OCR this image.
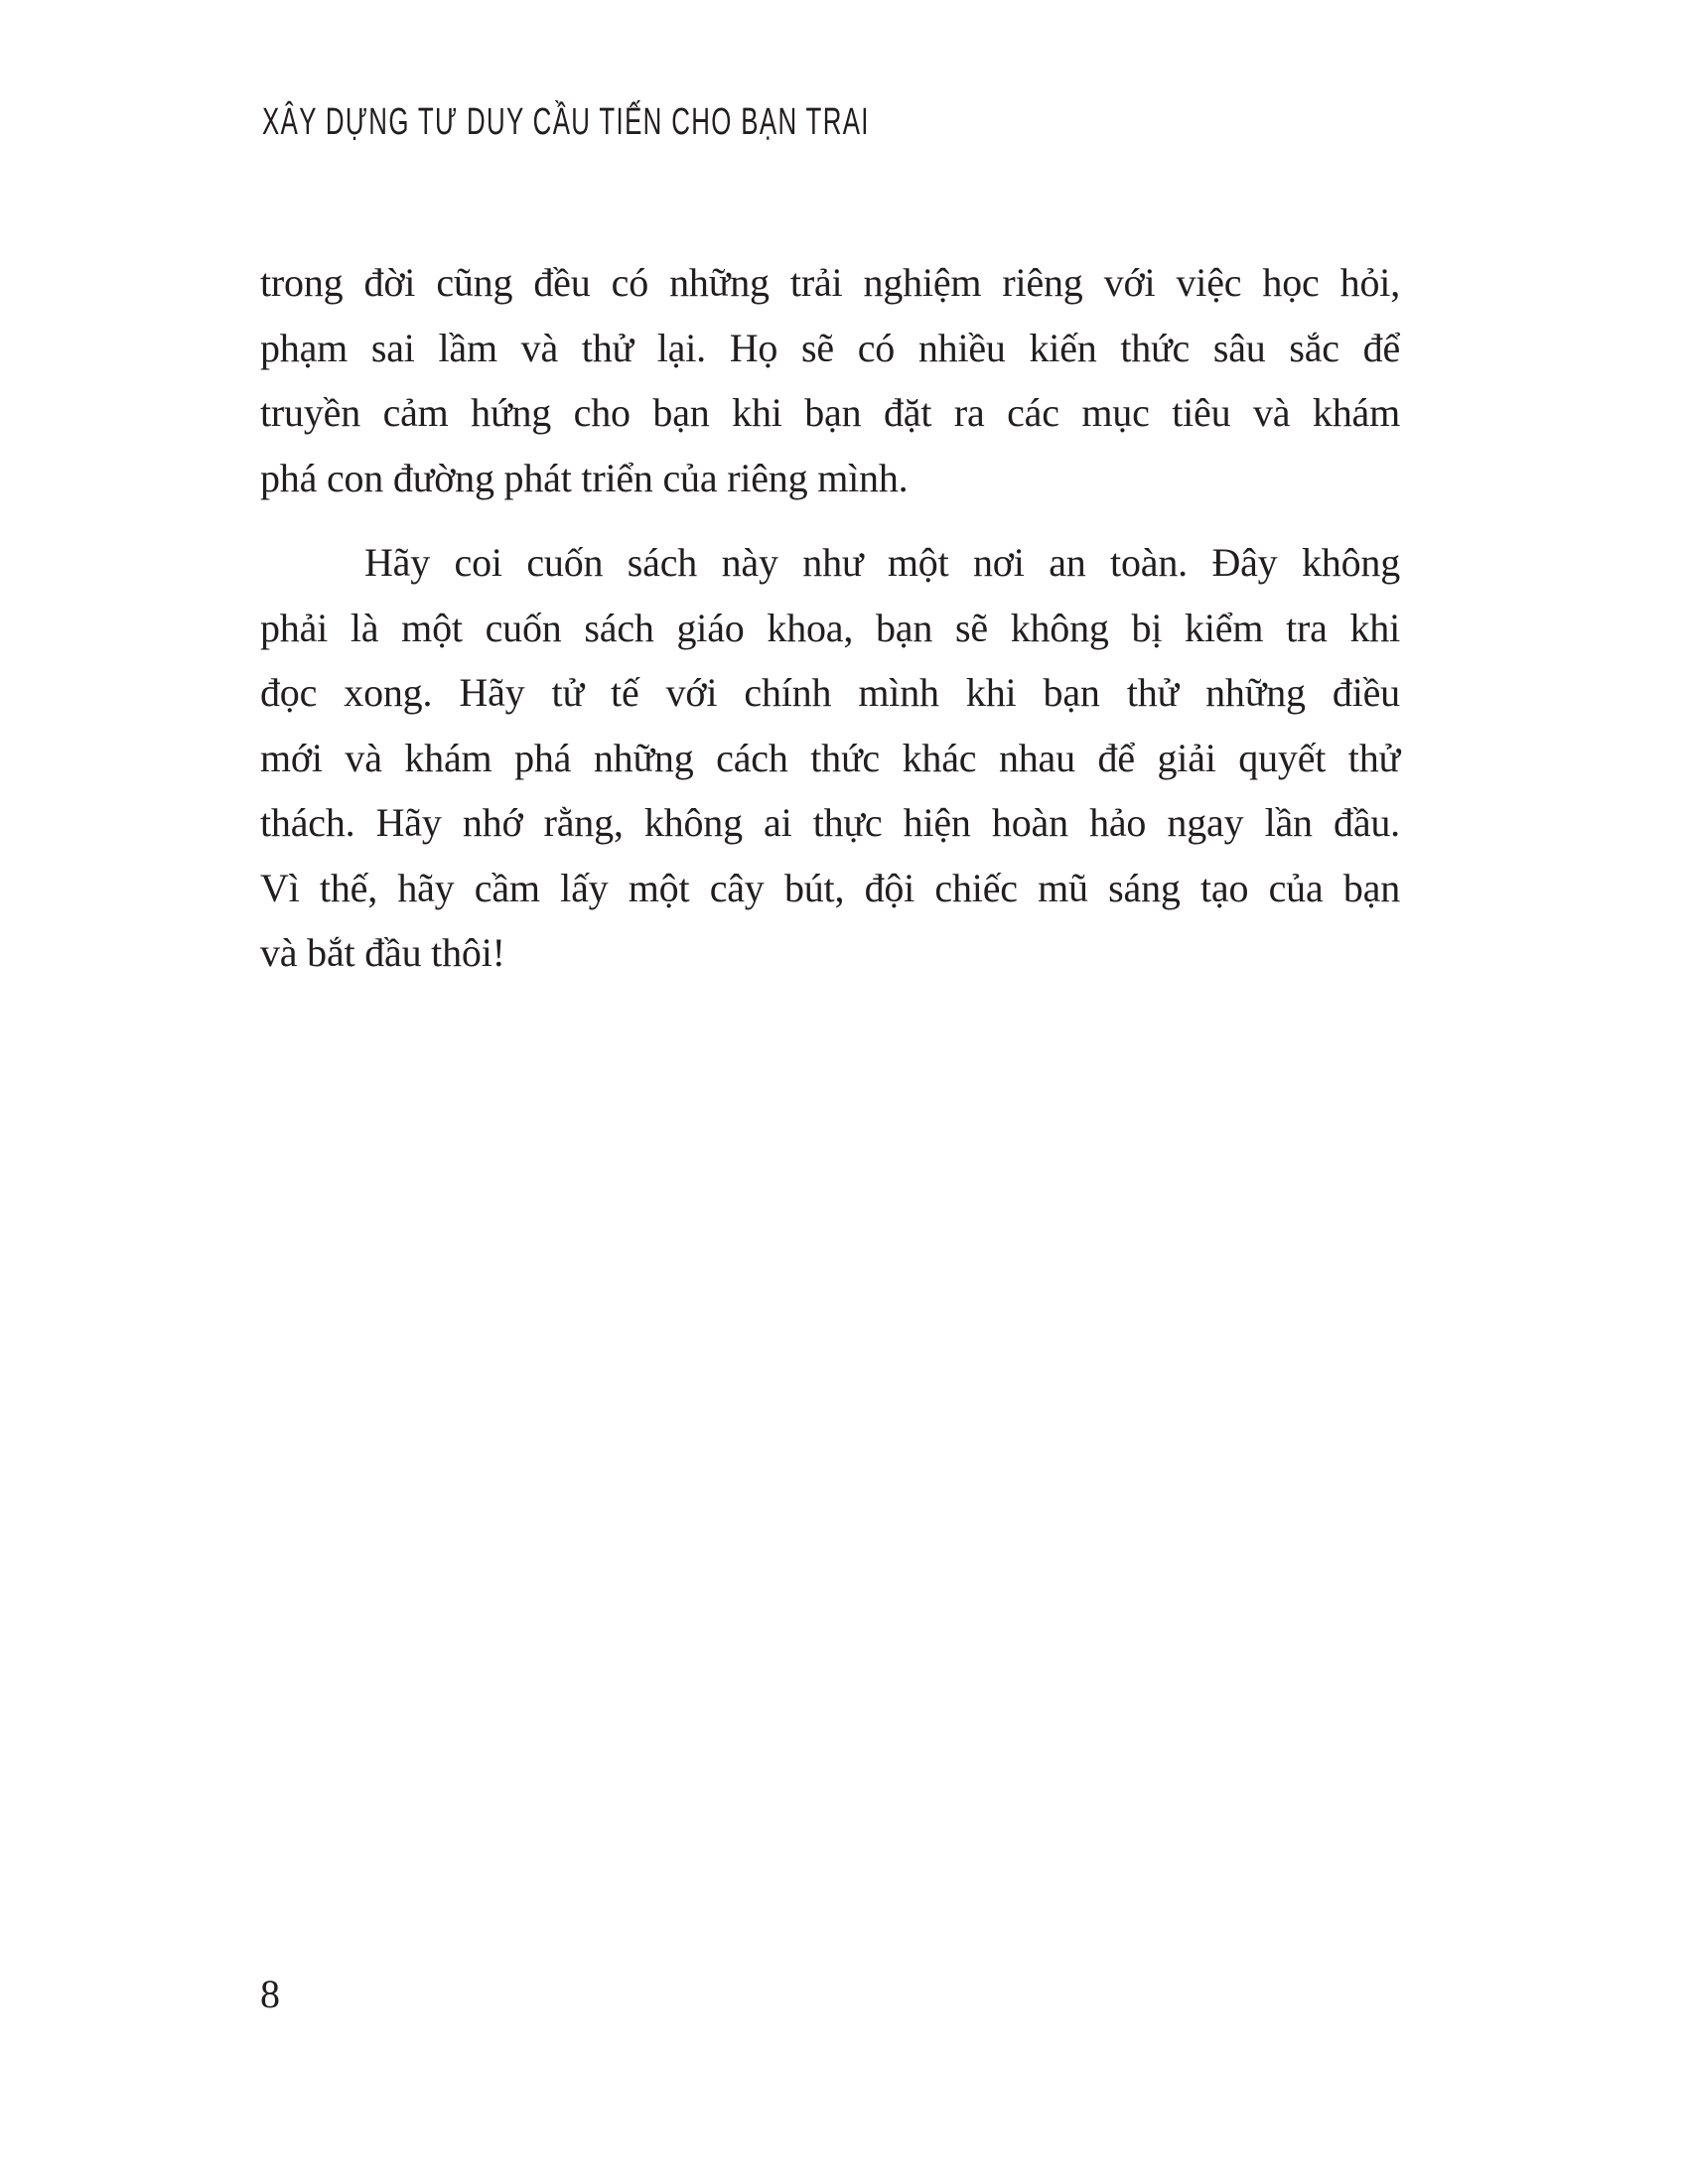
XÂY DỰNG TƯ DUY CẦU TIẾN CHO BẠN TRAI
trong đời cũng đều có những trải nghiệm riêng với việc học hỏi,
phạm sai lầm và thử lại. Họ sẽ có nhiều kiến thức sâu sắc để
truyền cảm hứng cho bạn khi bạn đặt ra các mục tiêu và khám
phá con đường phát triển của riêng mình.
Hãy coi cuốn sách này như một nơi an toàn. Đây không
phải là một cuốn sách giáo khoa, bạn sẽ không bị kiểm tra khi
đọc xong. Hãy tử tế với chính mình khi bạn thử những điều
mới và khám phá những cách thức khác nhau để giải quyết thử
thách. Hãy nhớ rằng, không ai thực hiện hoàn hảo ngay lần đầu.
Vì thế, hãy cầm lấy một cây bút, đội chiếc mũ sáng tạo của bạn
và bắt đầu thôi!
8
